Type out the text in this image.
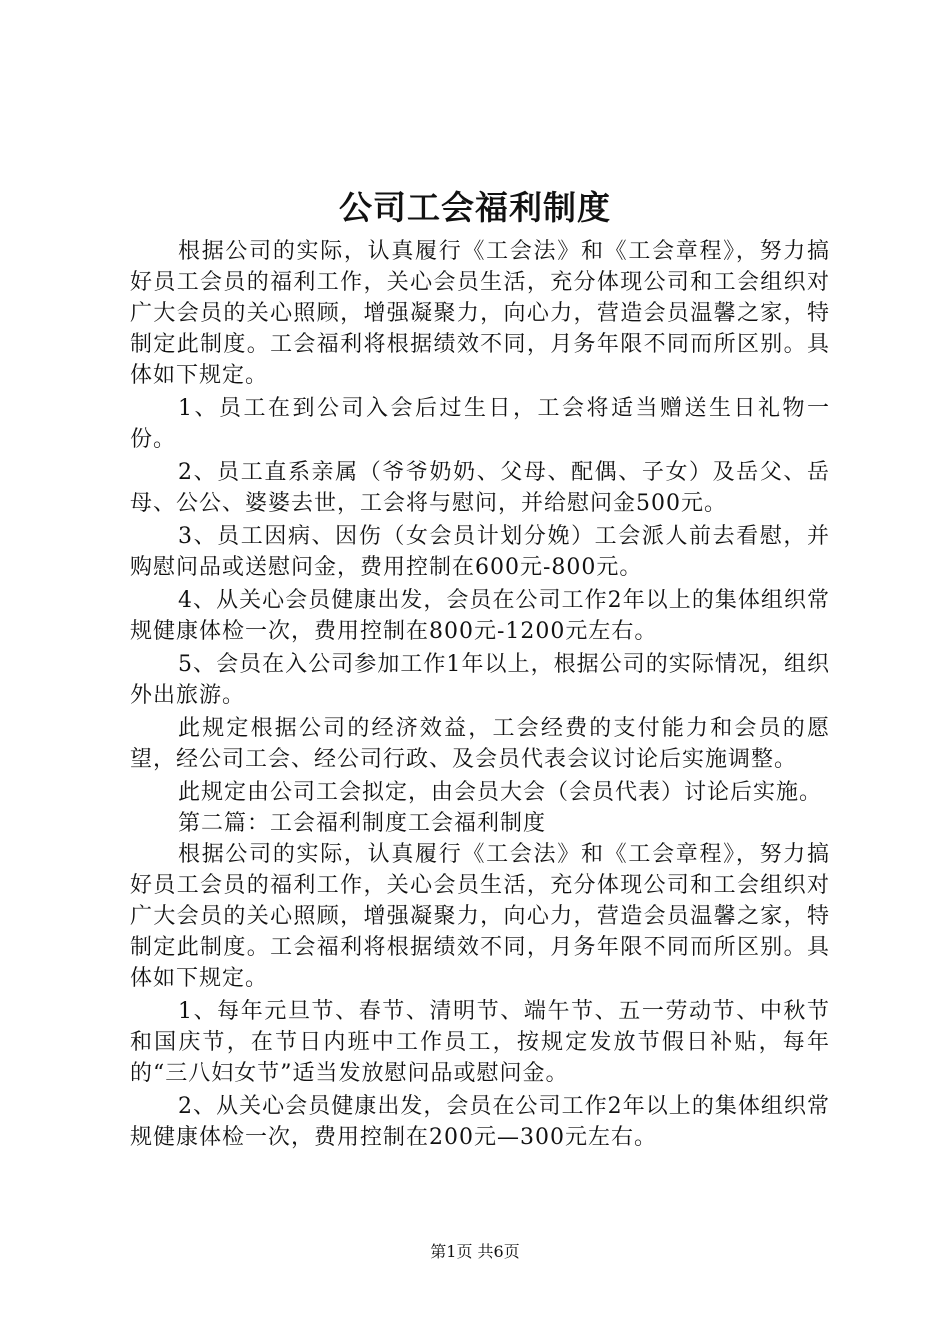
公司工会福利制度

根据公司的实际，认真履行《工会法》和《工会章程》，努力搞好员工会员的福利工作，关心会员生活，充分体现公司和工会组织对广大会员的关心照顾，增强凝聚力，向心力，营造会员温馨之家，特制定此制度。工会福利将根据绩效不同，月务年限不同而所区别。具体如下规定。

1、员工在到公司入会后过生日，工会将适当赠送生日礼物一份。

2、员工直系亲属（爷爷奶奶、父母、配偶、子女）及岳父、岳母、公公、婆婆去世，工会将与慰问，并给慰问金500元。

3、员工因病、因伤（女会员计划分娩）工会派人前去看慰，并购慰问品或送慰问金，费用控制在600元-800元。

4、从关心会员健康出发，会员在公司工作2年以上的集体组织常规健康体检一次，费用控制在800元-1200元左右。

5、会员在入公司参加工作1年以上，根据公司的实际情况，组织外出旅游。

此规定根据公司的经济效益，工会经费的支付能力和会员的愿望，经公司工会、经公司行政、及会员代表会议讨论后实施调整。

此规定由公司工会拟定，由会员大会（会员代表）讨论后实施。

第二篇：工会福利制度工会福利制度

根据公司的实际，认真履行《工会法》和《工会章程》，努力搞好员工会员的福利工作，关心会员生活，充分体现公司和工会组织对广大会员的关心照顾，增强凝聚力，向心力，营造会员温馨之家，特制定此制度。工会福利将根据绩效不同，月务年限不同而所区别。具体如下规定。

1、每年元旦节、春节、清明节、端午节、五一劳动节、中秋节和国庆节，在节日内班中工作员工，按规定发放节假日补贴，每年的“三八妇女节”适当发放慰问品或慰问金。

2、从关心会员健康出发，会员在公司工作2年以上的集体组织常规健康体检一次，费用控制在200元—300元左右。

第1页 共6页
